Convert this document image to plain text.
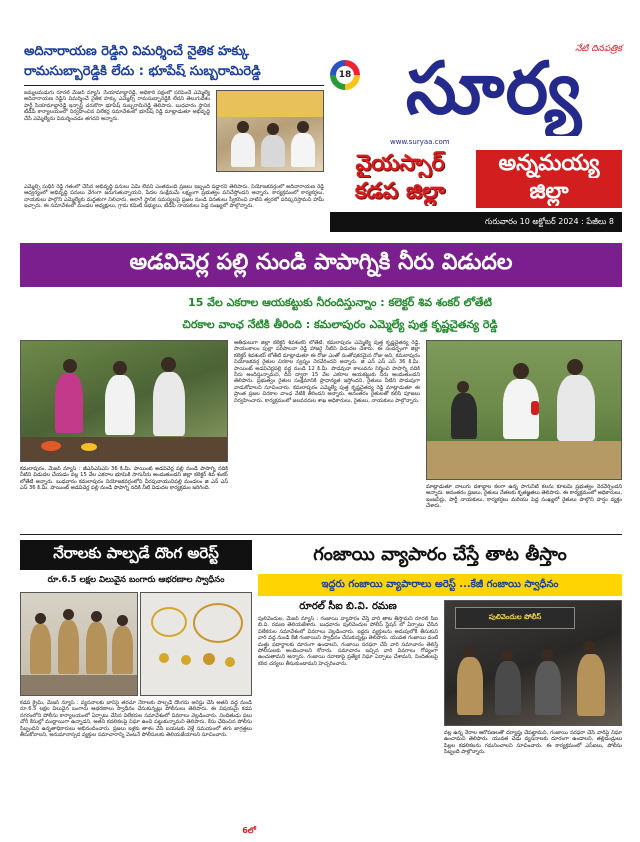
అదినారాయణ రెడ్డిని విమర్శించే నైతిక హక్కు
రామసుబ్బారెడ్డికి లేదు : భూపేష్ సుబ్బరామిరెడ్డి
జమ్మలమడుగు రూరల్ మేజర్ న్యూస్ :సియామాబ్దారెడ్డి, అధికారి పక్షంలో సరిపెంచే ఎమ్మెల్యే అదినారాయణ రెడ్డిని విమర్శించే నైతిక హక్కు ఎమ్మెల్సీ రామసుబ్బారెడ్డికి లేదని తెలుగుదేశం పార్టీ సియామాబ్దారెడ్డి ఇన్చార్జ్ చరుకొరా భూపేష్ సుబ్బరామిరెడ్డి తెలిపారు. బుధవారం స్థానిక టీడీపీ కార్యాలయంలో నిర్వహించిన విలేకర్ల సమావేశంలో భూపేష్ రెడ్డి మాట్లాడుతూ అభివృద్ధి చేసే ఎమ్మెల్యేను విమర్శించడం తగదని అన్నారు.
ఎమ్మెల్సీ సుధీర్ రెడ్డి గతంలో చేసిన అభివృద్ధి పనులు ఏమీ లేవని ఎంతమంది ప్రజలు ఇబ్బంది పడ్డారని తెలిపారు. నియోజకవర్గంలో అదినారాయణ రెడ్డి ఆధ్వర్యంలో అభివృద్ధి పనులు వేగంగా జరుగుతున్నాయని, పేదల సంక్షేమమే లక్ష్యంగా ప్రభుత్వం పనిచేస్తోందని అన్నారు. కార్యక్రమంలో కార్యకర్తలు, నాయకులు పాల్గొని ఎమ్మెల్యేకు మద్దతుగా నిలిచారు. అలాగే స్థానిక సమస్యలపై ప్రజల నుండి వినతులు స్వీకరించి వాటిని త్వరలో పరిష్కరిస్తామని హామీ ఇచ్చారు. ఈ సమావేశంలో మండల అధ్యక్షులు, గ్రామ కమిటీ సభ్యులు, టీడీపీ నాయకులు పెద్ద సంఖ్యలో పాల్గొన్నారు.
18
నేటి దినపత్రిక
సూర్య
www.suryaa.com
వైయస్సార్
కడప జిల్లా
అన్నమయ్య
జిల్లా
గురువారం 10 అక్టోబర్ 2024 : పేజీలు 8
అడవిచెర్ల పల్లి నుండి పాపాగ్నికి నీరు విడుదల
15 వేల ఎకరాల ఆయకట్టుకు నీరందిస్తున్నాం : కలెక్టర్ శివ శంకర్ లోతేటి
చిరకాల వాంఛ నేటికి తీరింది : కమలాపురం ఎమ్మెల్యే పుత్త కృష్ణచైతన్య రెడ్డి
కమలాపురం, మేజర్ న్యూస్ : జీఎన్ఎస్ఎస్ 36 కి.మీ. పాయింట్ అడవిచెర్ల పల్లి నుండి పాపాగ్ని నదికి నీటిని విడుదల చేయడం వల్ల 15 వేల ఎకరాల భూమికి సాగునీరు అందుతుందని జిల్లా కలెక్టర్ శివ శంకర్ లోతేటి అన్నారు. బుధవారం కమలాపురం నియోజకవర్గంలోని వీరపునాయునిపల్లి మండలం జి ఎన్ ఎస్ ఎస్ 36 కి.మీ. పాయింట్ అడవిచెర్ల పల్లి నుండి పాపాగ్ని నదికి నీటి విడుదల కార్యక్రమం జరిగింది.
అతిథులుగా జిల్లా కలెక్టర్ శివశంకర్ లోతేటి, కమలాపురం ఎమ్మెల్యే పుత్త కృష్ణచైతన్య రెడ్డి, సాయంకాలం పుల్లా పరిపాలనా రెడ్డి హాజరై నీటిని విడుదల చేశారు. ఈ సందర్భంగా జిల్లా కలెక్టర్ శివశంకర్ లోతేటి మాట్లాడుతూ ఈ రోజు ఎంతో సంతోషకరమైన రోజు అని, కమలాపురం నియోజకవర్గ రైతుల చిరకాల స్వప్నం నెరవేరిందని అన్నారు. జి ఎన్ ఎస్ ఎస్ 36 కి.మీ. పాయింట్ అడవిచెర్లపల్లి వద్ద నుండి 12 కి.మీ. పొడవునా కాలువను నిర్మించి పాపాగ్ని నదికి నీరు అందిస్తున్నామని, దీని ద్వారా 15 వేల ఎకరాల ఆయకట్టుకు నీరు అందుతుందని తెలిపారు. ప్రభుత్వం రైతుల సంక్షేమానికి ప్రాధాన్యత ఇస్తోందని, రైతులు నీటిని పొదుపుగా వాడుకోవాలని సూచించారు. కమలాపురం ఎమ్మెల్యే పుత్త కృష్ణచైతన్య రెడ్డి మాట్లాడుతూ ఈ ప్రాంత ప్రజల చిరకాల వాంఛ నేటికి తీరిందని అన్నారు. అనంతరం రైతులతో కలిసి పూజలు నిర్వహించారు. కార్యక్రమంలో జలవనరుల శాఖ అధికారులు, రైతులు, నాయకులు పాల్గొన్నారు.
మాట్లాడుతూ నాలుగు దశాబ్దాల కలగా ఉన్న సాగునీటి కలను కూటమి ప్రభుత్వం నెరవేర్చిందని అన్నారు. అనంతరం ప్రజలు, రైతులు నేతలకు కృతజ్ఞతలు తెలిపారు. ఈ కార్యక్రమంలో అధికారులు, ఇంజనీర్లు, పార్టీ నాయకులు, కార్యకర్తలు మరియు పెద్ద సంఖ్యలో రైతులు పాల్గొని హర్షం వ్యక్తం చేశారు.
నేరాలకు పాల్పడే దొంగ అరెస్ట్
రూ.6.5 లక్షల విలువైన బంగారు ఆభరణాల స్వాధీనం
కడప క్రైమ్, మేజర్ న్యూస్ : వ్యసనాలకు బానిసై తరచూ నేరాలకు పాల్పడే దొంగను అరెస్టు చేసి అతని వద్ద నుండి రూ.6.5 లక్షల విలువైన బంగారు ఆభరణాలు స్వాధీనం చేసుకున్నట్లు పోలీసులు తెలిపారు. ఈ విషయమై కడప నగరంలోని పోలీసు కార్యాలయంలో ఏర్పాటు చేసిన విలేకరుల సమావేశంలో వివరాలు వెల్లడించారు. నిందితుడు పలు చోరీ కేసుల్లో ముద్దాయిగా ఉన్నాడని, అతని కదలికలపై నిఘా ఉంచి పట్టుకున్నామని తెలిపారు. కేసు ఛేదించిన పోలీసు సిబ్బందిని ఉన్నతాధికారులు అభినందించారు. ప్రజలు ఇళ్లకు తాళం వేసి బయటకు వెళ్లే సమయంలో తగు జాగ్రత్తలు తీసుకోవాలని, అనుమానాస్పద వ్యక్తుల సమాచారాన్ని వెంటనే పోలీసులకు తెలియజేయాలని సూచించారు.
6లో
గంజాయి వ్యాపారం చేస్తే తాట తీస్తాం
ఇద్దరు గంజాయి వ్యాపారాలు అరెస్ట్ ...కేజీ గంజాయి స్వాధీనం
రూరల్ సీఐ బి.వి. రమణ
పులివెందుల, మేజర్ న్యూస్ : గంజాయి వ్యాపారం చేస్తే వారి తాట తీస్తామని రూరల్ సీఐ బి.వి. రమణ తెలియజేశారు. బుధవారం పులివెందుల పోలీస్ స్టేషన్ లో ఏర్పాటు చేసిన విలేకరుల సమావేశంలో వివరాలు వెల్లడించారు. ఇద్దరు వ్యక్తులను అదుపులోకి తీసుకుని వారి వద్ద నుండి కేజీ గంజాయిని స్వాధీనం చేసుకున్నట్లు తెలిపారు. యువత గంజాయి వంటి మత్తు పదార్థాలకు దూరంగా ఉండాలని, గంజాయి సరఫరా చేసే వారి సమాచారం తెలిస్తే పోలీసులకు అందించాలని కోరారు. సమాచారం ఇచ్చిన వారి వివరాలు గోప్యంగా ఉంచుతామని అన్నారు. గంజాయి రవాణాపై ప్రత్యేక నిఘా ఏర్పాటు చేశామని, నిందితులపై కఠిన చర్యలు తీసుకుంటామని హెచ్చరించారు.
పులివెందుల పోలీస్
వల్ల ఉన్న నేరాల ఆరోపణలతో దర్యాప్తు చేపట్టామని, గంజాయి సరఫరా చేసే వారిపై నిఘా ఉంచామని తెలిపారు. యువత చెడు వ్యసనాలకు దూరంగా ఉండాలని, తల్లిదండ్రులు పిల్లల కదలికలను గమనించాలని సూచించారు. ఈ కార్యక్రమంలో ఎస్ఐలు, పోలీసు సిబ్బంది పాల్గొన్నారు.
